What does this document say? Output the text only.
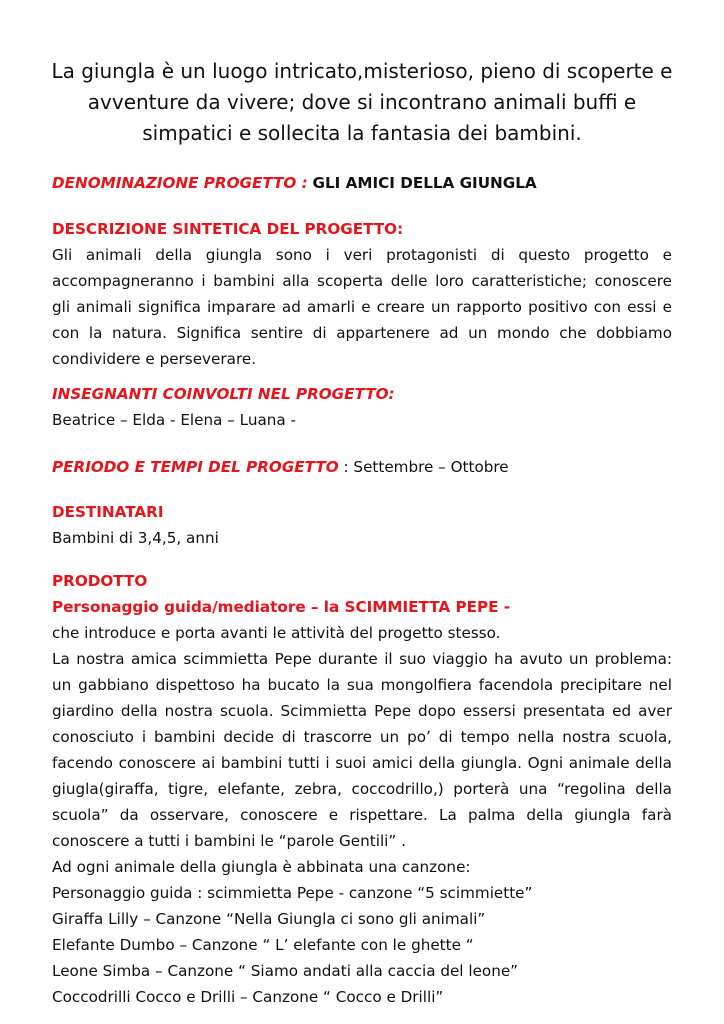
La giungla è un luogo intricato,misterioso, pieno di scoperte e avventure da vivere; dove si incontrano animali buffi e simpatici e sollecita la fantasia dei bambini.
DENOMINAZIONE PROGETTO : GLI AMICI DELLA GIUNGLA
DESCRIZIONE SINTETICA DEL PROGETTO:
Gli animali della giungla sono i veri protagonisti di questo progetto e accompagneranno i bambini alla scoperta delle loro caratteristiche; conoscere gli animali significa imparare ad amarli e creare un rapporto positivo con essi e con la natura. Significa sentire di appartenere ad un mondo che dobbiamo condividere e perseverare.
INSEGNANTI COINVOLTI NEL PROGETTO:
Beatrice – Elda - Elena – Luana -
PERIODO E TEMPI DEL PROGETTO : Settembre – Ottobre
DESTINATARI
Bambini di 3,4,5, anni
PRODOTTO
Personaggio guida/mediatore – la SCIMMIETTA PEPE -
che introduce e porta avanti le attività del progetto stesso.
La nostra amica scimmietta Pepe durante il suo viaggio ha avuto un problema: un gabbiano dispettoso ha bucato la sua mongolfiera facendola precipitare nel giardino della nostra scuola. Scimmietta Pepe dopo essersi presentata ed aver conosciuto i bambini decide di trascorre un po’ di tempo nella nostra scuola, facendo conoscere ai bambini tutti i suoi amici della giungla. Ogni animale della giugla(giraffa, tigre, elefante, zebra, coccodrillo,) porterà una “regolina della scuola” da osservare, conoscere e rispettare. La palma della giungla farà conoscere a tutti i bambini le “parole Gentili” .
Ad ogni animale della giungla è abbinata una canzone:
Personaggio guida : scimmietta Pepe - canzone “5 scimmiette”
Giraffa Lilly – Canzone “Nella Giungla ci sono gli animali”
Elefante Dumbo – Canzone “ L’ elefante con le ghette “
Leone Simba – Canzone “ Siamo andati alla caccia del leone”
Coccodrilli Cocco e Drilli – Canzone “ Cocco e Drilli”
